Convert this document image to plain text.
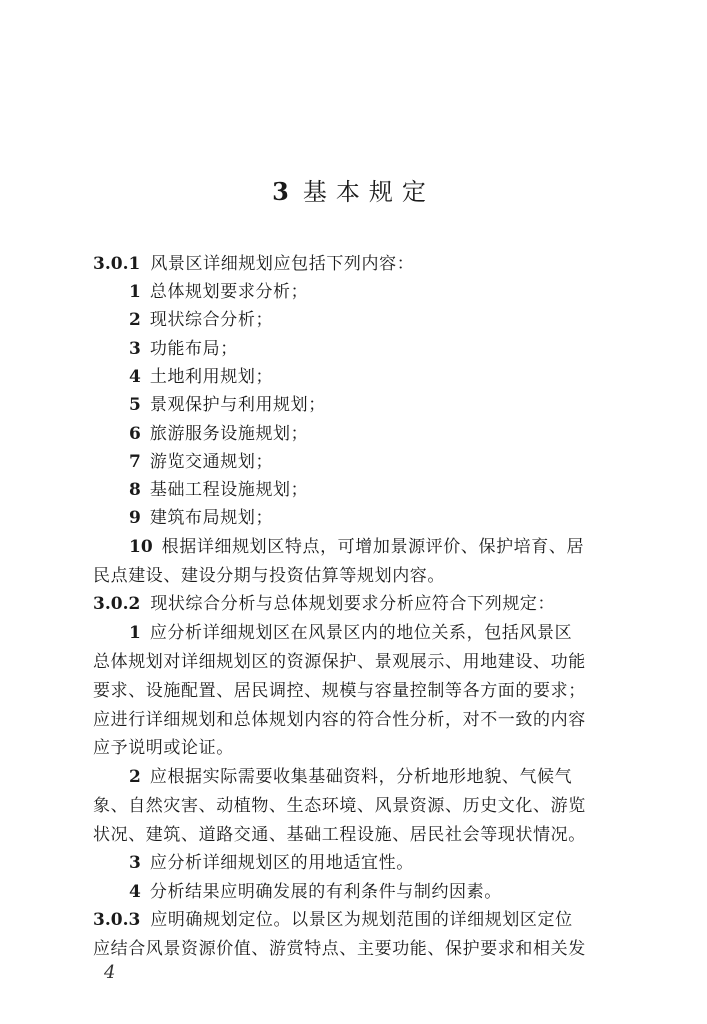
3 基本规定
3.0.1 风景区详细规划应包括下列内容：
1 总体规划要求分析；
2 现状综合分析；
3 功能布局；
4 土地利用规划；
5 景观保护与利用规划；
6 旅游服务设施规划；
7 游览交通规划；
8 基础工程设施规划；
9 建筑布局规划；
10 根据详细规划区特点，可增加景源评价、保护培育、居
民点建设、建设分期与投资估算等规划内容。
3.0.2 现状综合分析与总体规划要求分析应符合下列规定：
1 应分析详细规划区在风景区内的地位关系，包括风景区
总体规划对详细规划区的资源保护、景观展示、用地建设、功能
要求、设施配置、居民调控、规模与容量控制等各方面的要求；
应进行详细规划和总体规划内容的符合性分析，对不一致的内容
应予说明或论证。
2 应根据实际需要收集基础资料，分析地形地貌、气候气
象、自然灾害、动植物、生态环境、风景资源、历史文化、游览
状况、建筑、道路交通、基础工程设施、居民社会等现状情况。
3 应分析详细规划区的用地适宜性。
4 分析结果应明确发展的有利条件与制约因素。
3.0.3 应明确规划定位。以景区为规划范围的详细规划区定位
应结合风景资源价值、游赏特点、主要功能、保护要求和相关发
4
